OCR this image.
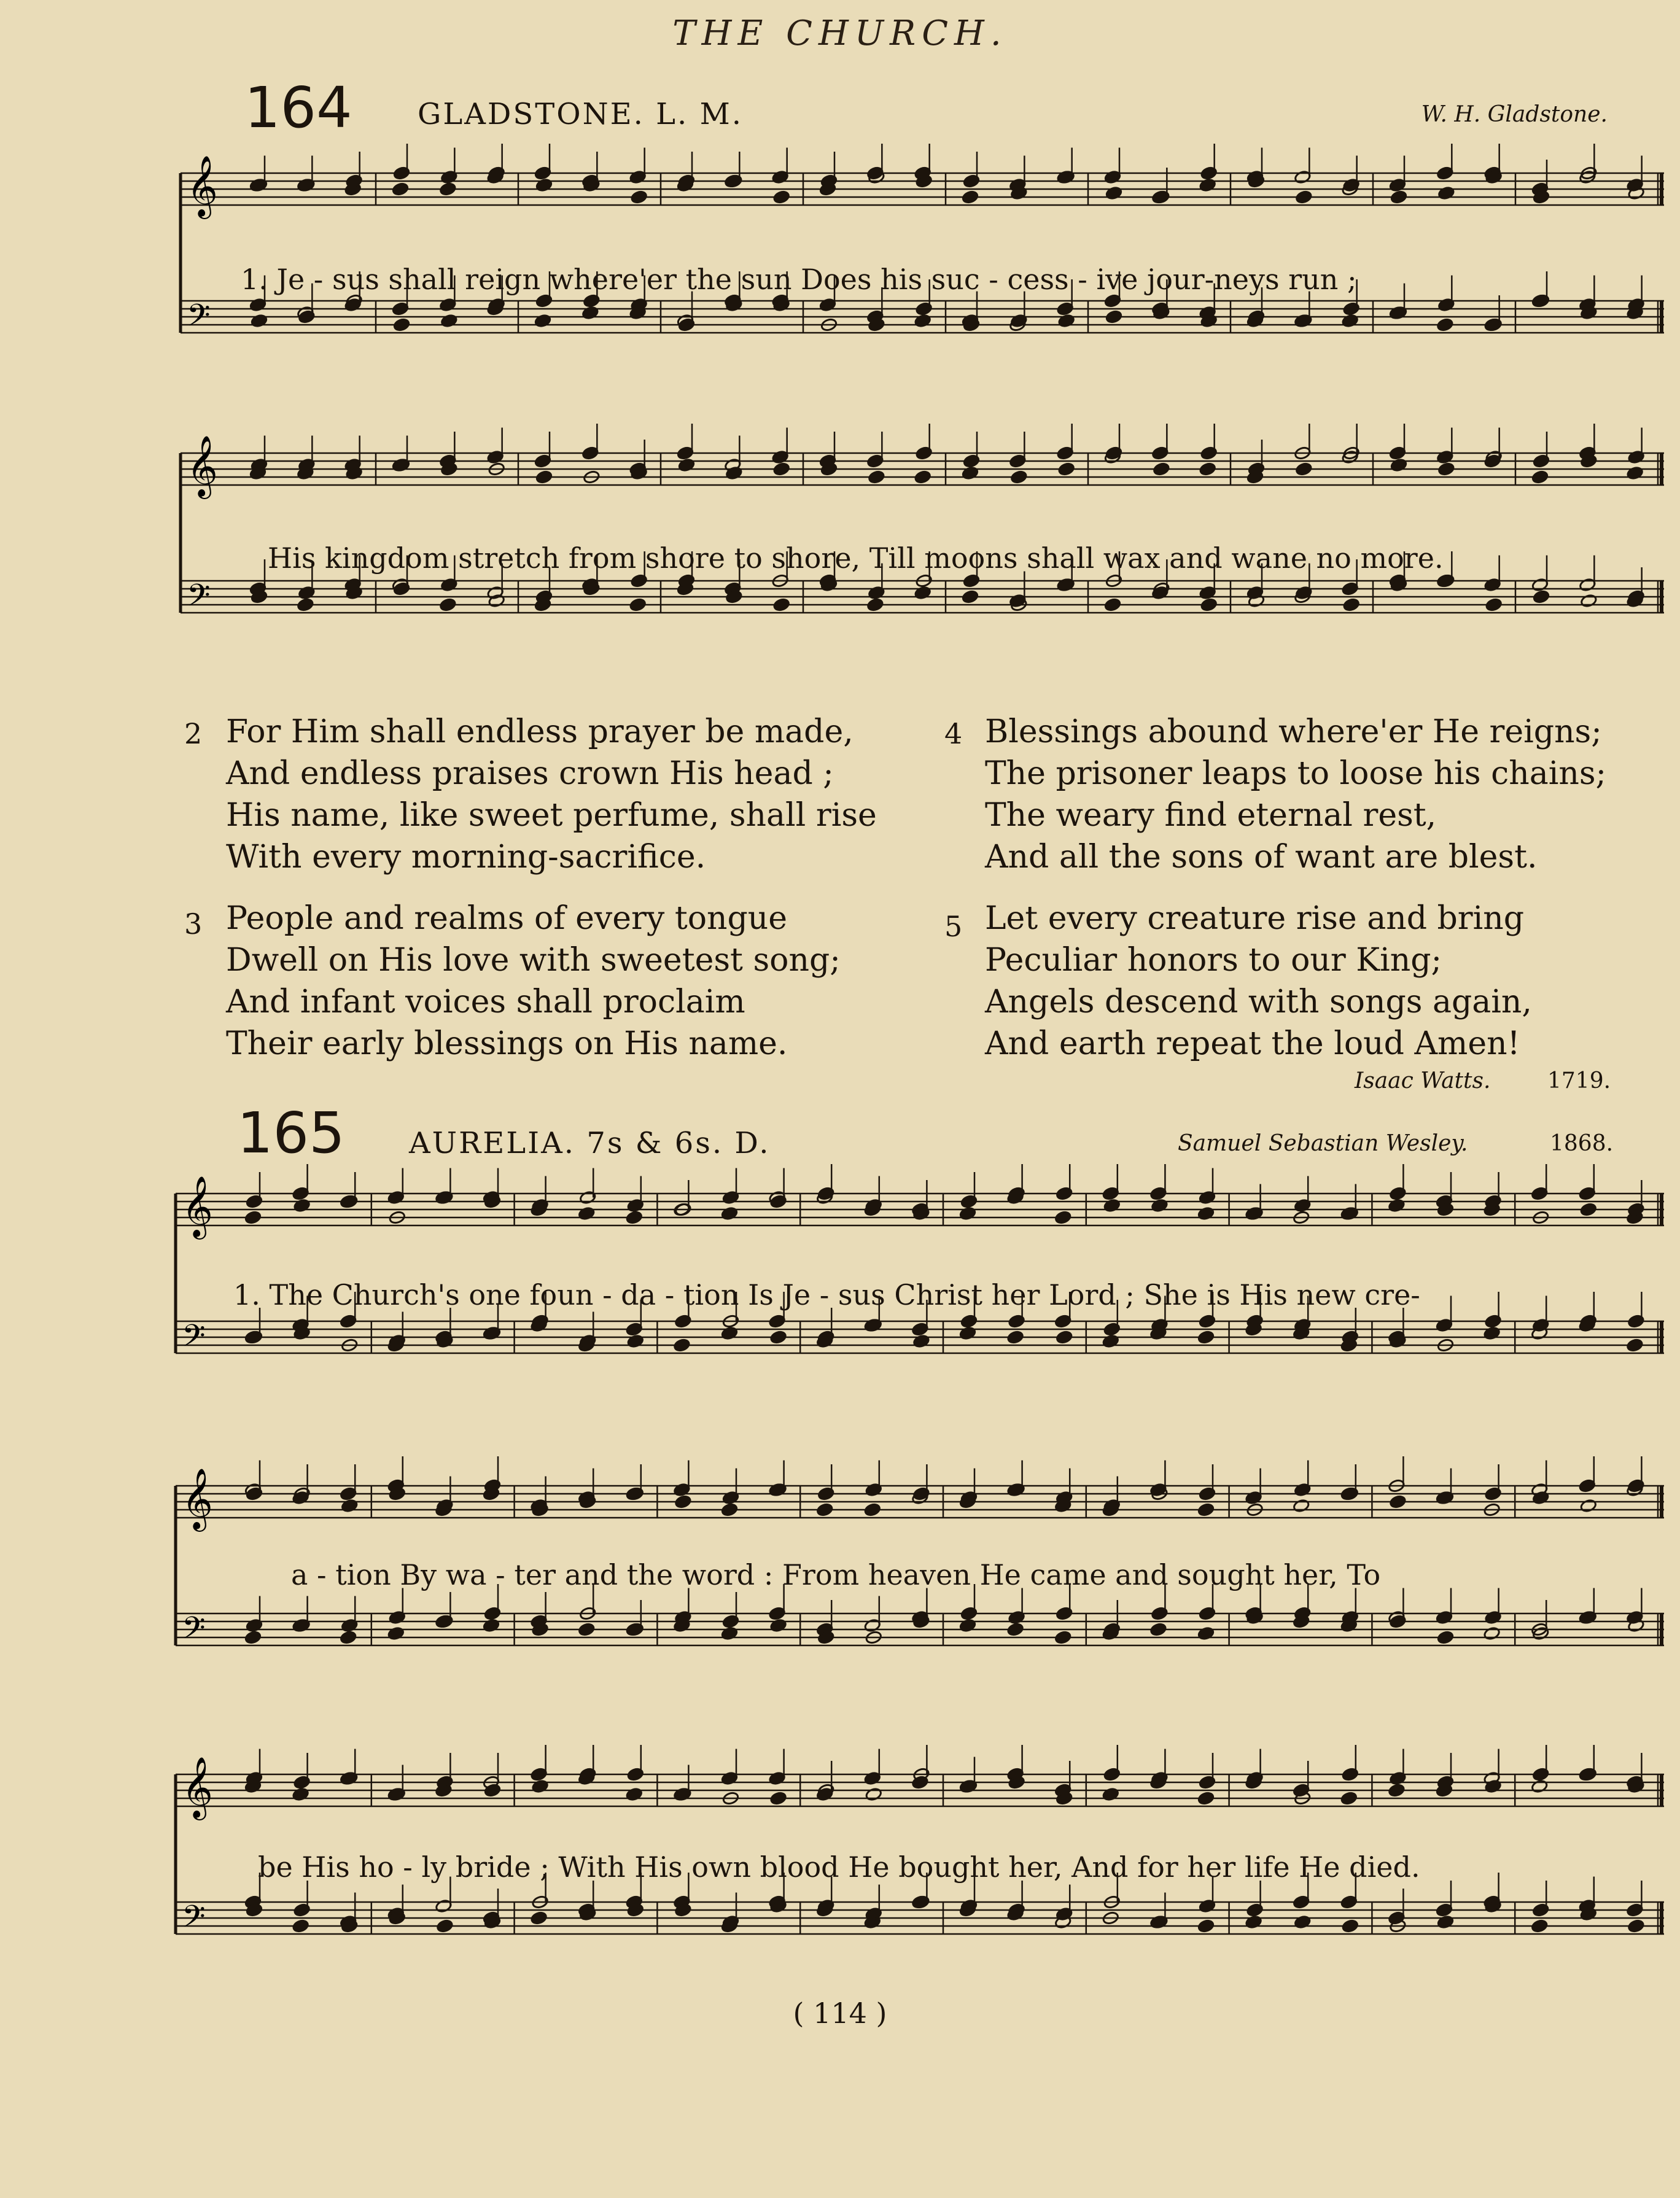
THE CHURCH.
164 GLADSTONE. L. M.	W. H. Gladstone.
𝄞
𝄢
1. Je - sus shall reign where'er the sun Does his suc - cess - ive jour-neys run ;
𝄞
𝄢
His kingdom stretch from shore to shore, Till moons shall wax and wane no more.
2 For Him shall endless prayer be made,
And endless praises crown His head ;
His name, like sweet perfume, shall rise
With every morning-sacrifice.
3 People and realms of every tongue
Dwell on His love with sweetest song;
And infant voices shall proclaim
Their early blessings on His name.
4 Blessings abound where'er He reigns;
The prisoner leaps to loose his chains;
The weary find eternal rest,
And all the sons of want are blest.
5 Let every creature rise and bring
Peculiar honors to our King;
Angels descend with songs again,
And earth repeat the loud Amen!
Isaac Watts.	1719.
165 AURELIA. 7s & 6s. D.	Samuel Sebastian Wesley.	1868.
𝄞
𝄢
1. The Church's one foun - da - tion Is Je - sus Christ her Lord ; She is His new cre-
𝄞
𝄢
a - tion By wa - ter and the word : From heaven He came and sought her, To
𝄞
𝄢
be His ho - ly bride ; With His own blood He bought her, And for her life He died.
( 114 )
